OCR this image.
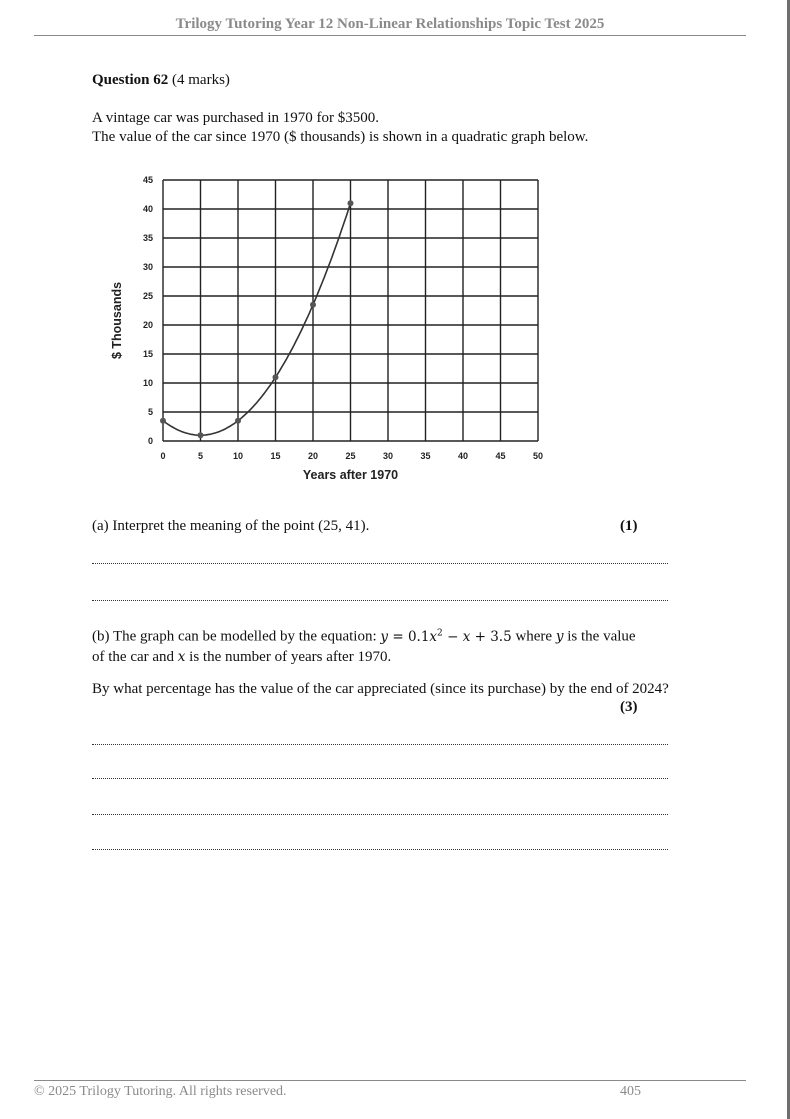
Trilogy Tutoring Year 12 Non-Linear Relationships Topic Test 2025
Question 62 (4 marks)
A vintage car was purchased in 1970 for $3500.
The value of the car since 1970 ($ thousands) is shown in a quadratic graph below.
0	5	10	15	20	25	30	35	40	45	50
0
5
10
15
20
25
30
35
40
45
Years after 1970
$ Thousands
(a) Interpret the meaning of the point (25, 41).	(1)
(b) The graph can be modelled by the equation: $y = 0.1x^2 - x + 3.5$ where y is the value
of the car and x is the number of years after 1970.
By what percentage has the value of the car appreciated (since its purchase) by the end of 2024?
(3)
© 2025 Trilogy Tutoring. All rights reserved.	405
